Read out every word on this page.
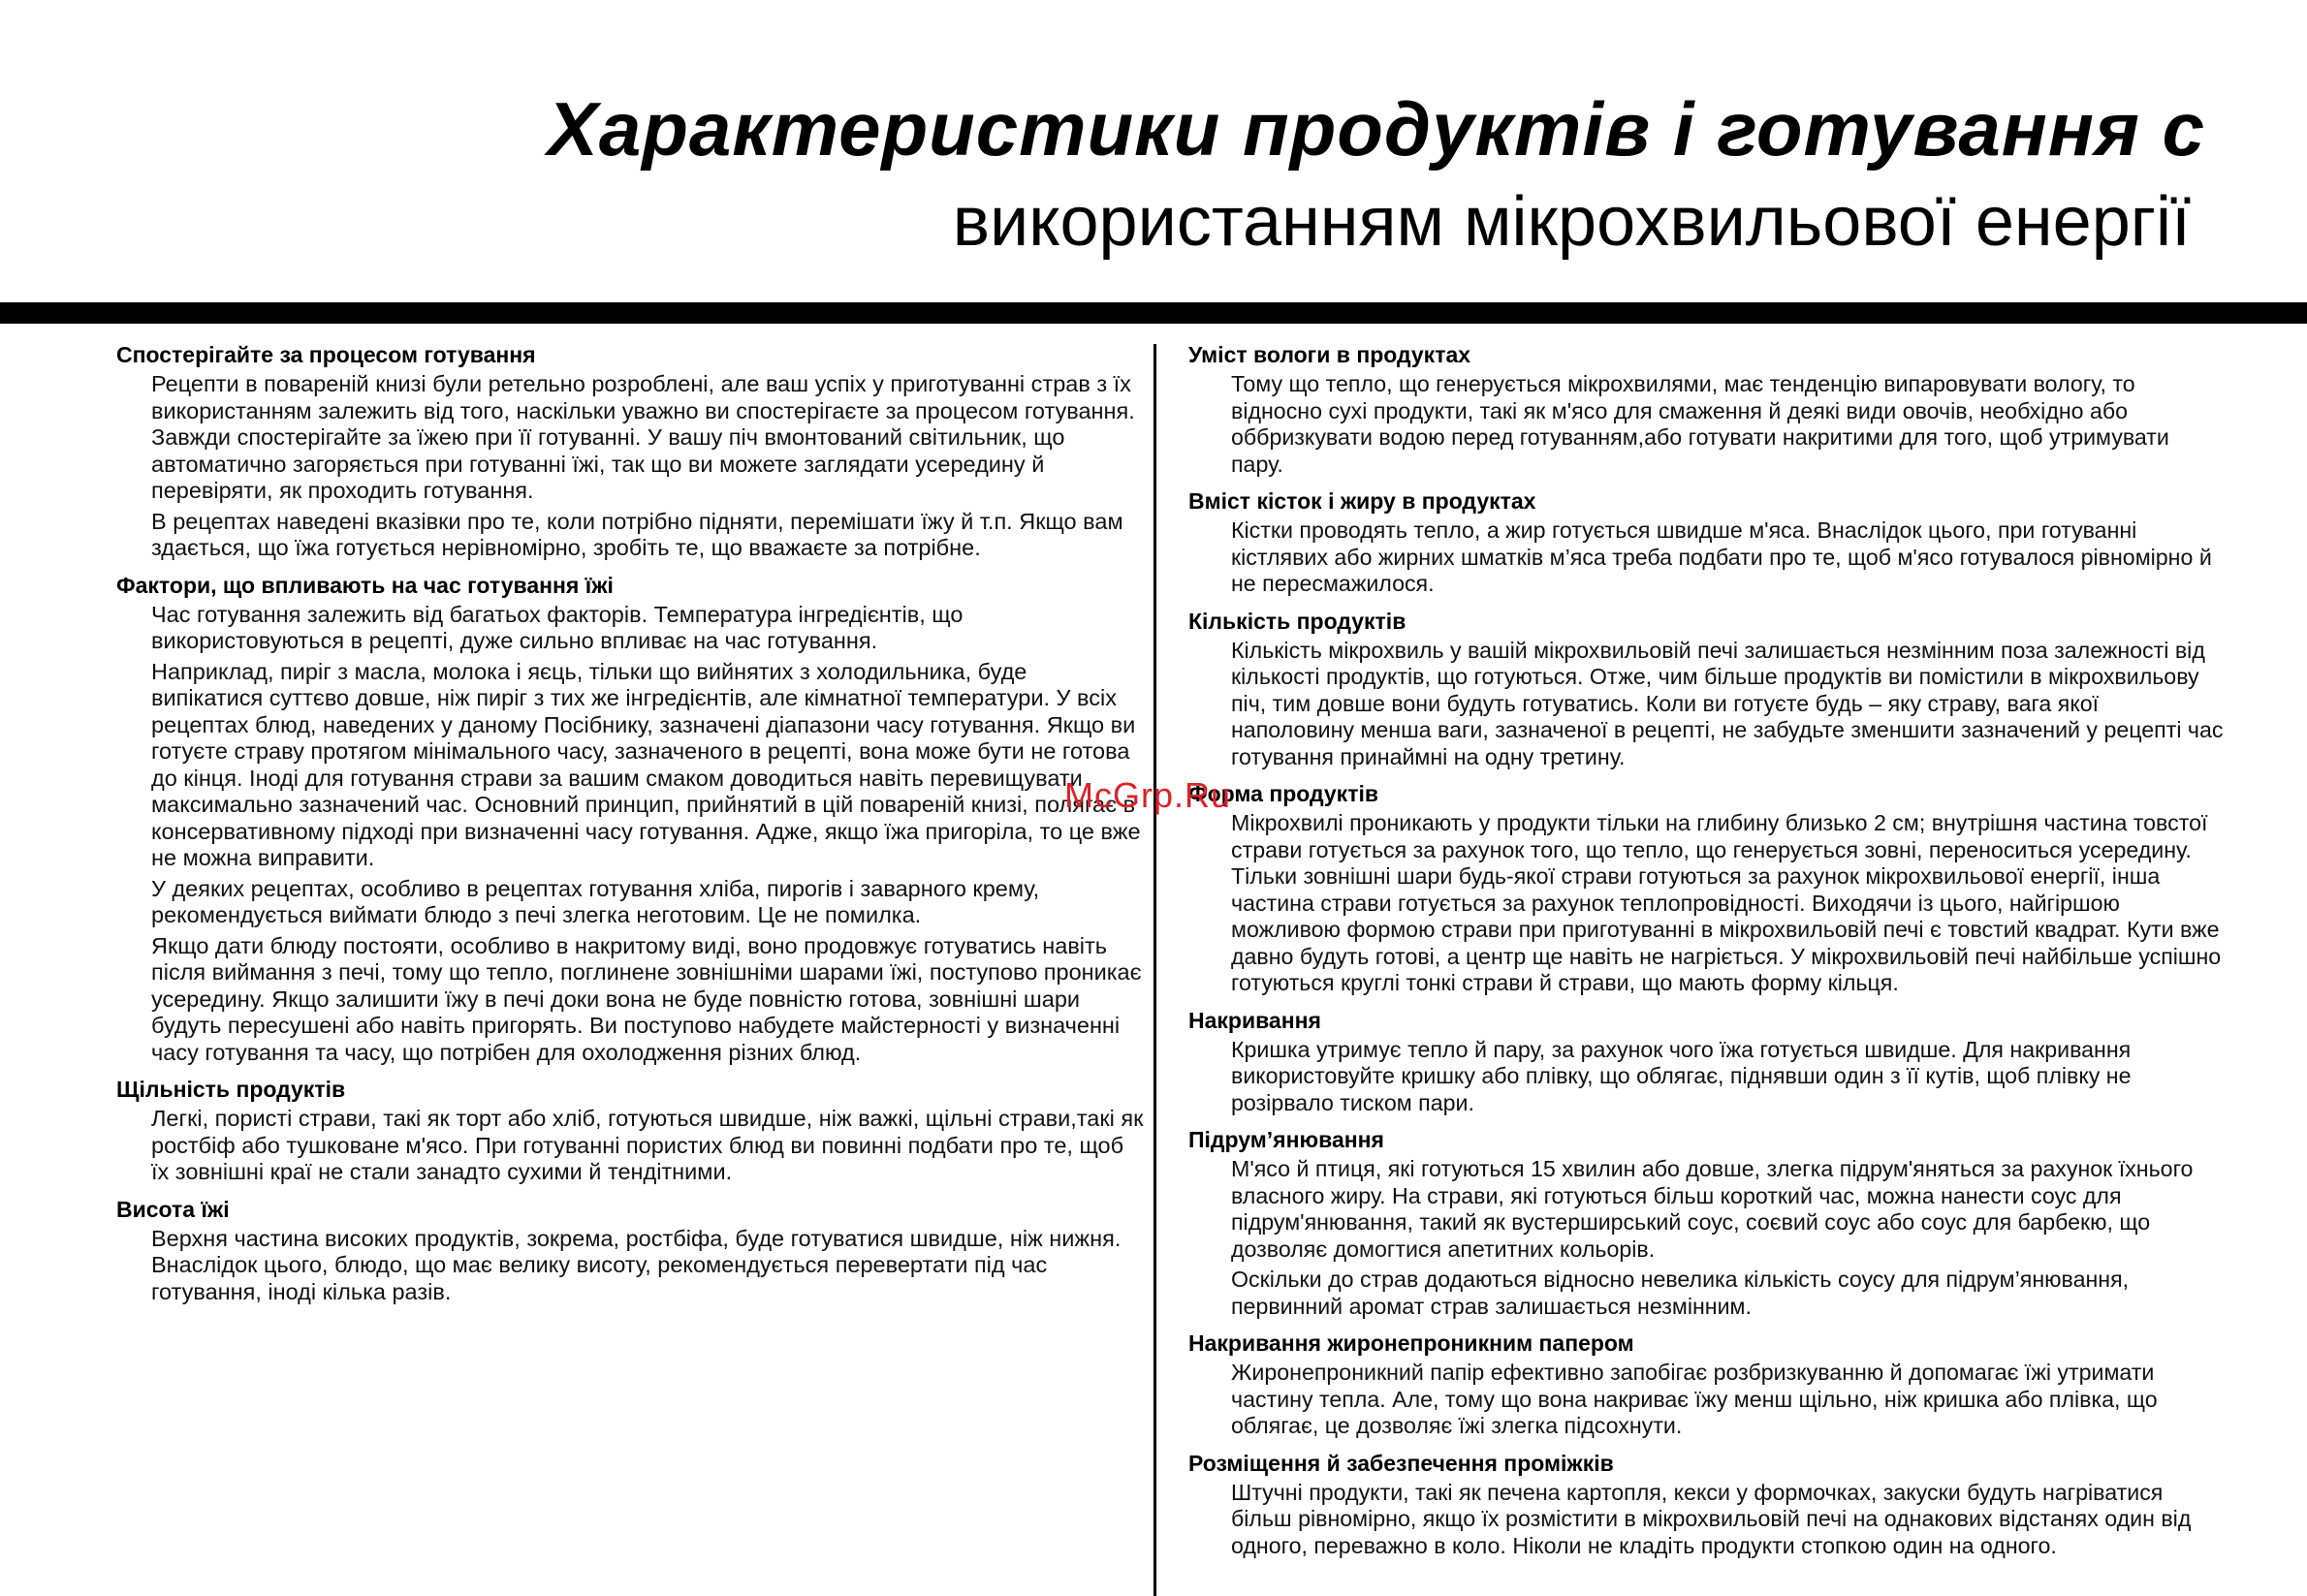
Характеристики продуктів і готування с
використанням мікрохвильової енергії
Спостерігайте за процесом готування

Рецепти в повареній книзі були ретельно розроблені, але ваш успіх у приготуванні страв з їх використанням залежить від того, наскільки уважно ви спостерігаєте за процесом готування. Завжди спостерігайте за їжею при її готуванні. У вашу піч вмонтований світильник, що автоматично загоряється при готуванні їжі, так що ви можете заглядати усередину й перевіряти, як проходить готування.

В рецептах наведені вказівки про те, коли потрібно підняти, перемішати їжу й т.п. Якщо вам здається, що їжа готується нерівномірно, зробіть те, що вважаєте за потрібне.

Фактори, що впливають на час готування їжі

Час готування залежить від багатьох факторів. Температура інгредієнтів, що використовуються в рецепті, дуже сильно впливає на час готування.

Наприклад, пиріг з масла, молока і яєць, тільки що вийнятих з холодильника, буде випікатися суттєво довше, ніж пиріг з тих же інгредієнтів, але кімнатної температури. У всіх рецептах блюд, наведених у даному Посібнику, зазначені діапазони часу готування. Якщо ви готуєте страву протягом мінімального часу, зазначеного в рецепті, вона може бути не готова до кінця. Іноді для готування страви за вашим смаком доводиться навіть перевищувати максимально зазначений час. Основний принцип, прийнятий в цій повареній книзі, полягає в консервативному підході при визначенні часу готування. Адже, якщо їжа пригоріла, то це вже не можна виправити.

У деяких рецептах, особливо в рецептах готування хліба, пирогів і заварного крему, рекомендується виймати блюдо з печі злегка неготовим. Це не помилка.

Якщо дати блюду постояти, особливо в накритому виді, воно продовжує готуватись навіть після виймання з печі, тому що тепло, поглинене зовнішніми шарами їжі, поступово проникає усередину. Якщо залишити їжу в печі доки вона не буде повністю готова, зовнішні шари будуть пересушені або навіть пригорять. Ви поступово набудете майстерності у визначенні часу готування та часу, що потрібен для охолодження різних блюд.

Щільність продуктів

Легкі, пористі страви, такі як торт або хліб, готуються швидше, ніж важкі, щільні страви,такі як ростбіф або тушковане м'ясо. При готуванні пористих блюд ви повинні подбати про те, щоб їх зовнішні краї не стали занадто сухими й тендітними.

Висота їжі

Верхня частина високих продуктів, зокрема, ростбіфа, буде готуватися швидше, ніж нижня. Внаслідок цього, блюдо, що має велику висоту, рекомендується перевертати під час готування, іноді кілька разів.

Уміст вологи в продуктах

Тому що тепло, що генерується мікрохвилями, має тенденцію випаровувати вологу, то відносно сухі продукти, такі як м'ясо для смаження й деякі види овочів, необхідно або оббризкувати водою перед готуванням,або готувати накритими для того, щоб утримувати пару.

Вміст кісток і жиру в продуктах

Кістки проводять тепло, а жир готується швидше м'яса. Внаслідок цього, при готуванні кістлявих або жирних шматків м’яса треба подбати про те, щоб м'ясо готувалося рівномірно й не пересмажилося.

Кількість продуктів

Кількість мікрохвиль у вашій мікрохвильовій печі залишається незмінним поза залежності від кількості продуктів, що готуються. Отже, чим більше продуктів ви помістили в мікрохвильову піч, тим довше вони будуть готуватись. Коли ви готуєте будь – яку страву, вага якої наполовину менша ваги, зазначеної в рецепті, не забудьте зменшити зазначений у рецепті час готування принаймні на одну третину.

Форма продуктів

Мікрохвилі проникають у продукти тільки на глибину близько 2 см; внутрішня частина товстої страви готується за рахунок того, що тепло, що генерується зовні, переноситься усередину. Тільки зовнішні шари будь-якої страви готуються за рахунок мікрохвильової енергії, інша частина страви готується за рахунок теплопровідності. Виходячи із цього, найгіршою можливою формою страви при приготуванні в мікрохвильовій печі є товстий квадрат. Кути вже давно будуть готові, а центр ще навіть не нагріється. У мікрохвильовій печі найбільше успішно готуються круглі тонкі страви й страви, що мають форму кільця.

Накривання

Кришка утримує тепло й пару, за рахунок чого їжа готується швидше. Для накривання використовуйте кришку або плівку, що облягає, піднявши один з її кутів, щоб плівку не розірвало тиском пари.

Підрум’янювання

М'ясо й птиця, які готуються 15 хвилин або довше, злегка підрум'яняться за рахунок їхнього власного жиру. На страви, які готуються більш короткий час, можна нанести соус для підрум'янювання, такий як вустерширський соус, соєвий соус або соус для барбекю, що дозволяє домогтися апетитних кольорів.

Оскільки до страв додаються відносно невелика кількість соусу для підрум’янювання, первинний аромат страв залишається незмінним.

Накривання жиронепроникним папером

Жиронепроникний папір ефективно запобігає розбризкуванню й допомагає їжі утримати частину тепла. Але, тому що вона накриває їжу менш щільно, ніж кришка або плівка, що облягає, це дозволяє їжі злегка підсохнути.

Розміщення й забезпечення проміжків

Штучні продукти, такі як печена картопля, кекси у формочках, закуски будуть нагріватися більш рівномірно, якщо їх розмістити в мікрохвильовій печі на однакових відстанях один від одного, переважно в коло. Ніколи не кладіть продукти стопкою один на одного.

McGrp.Ru
